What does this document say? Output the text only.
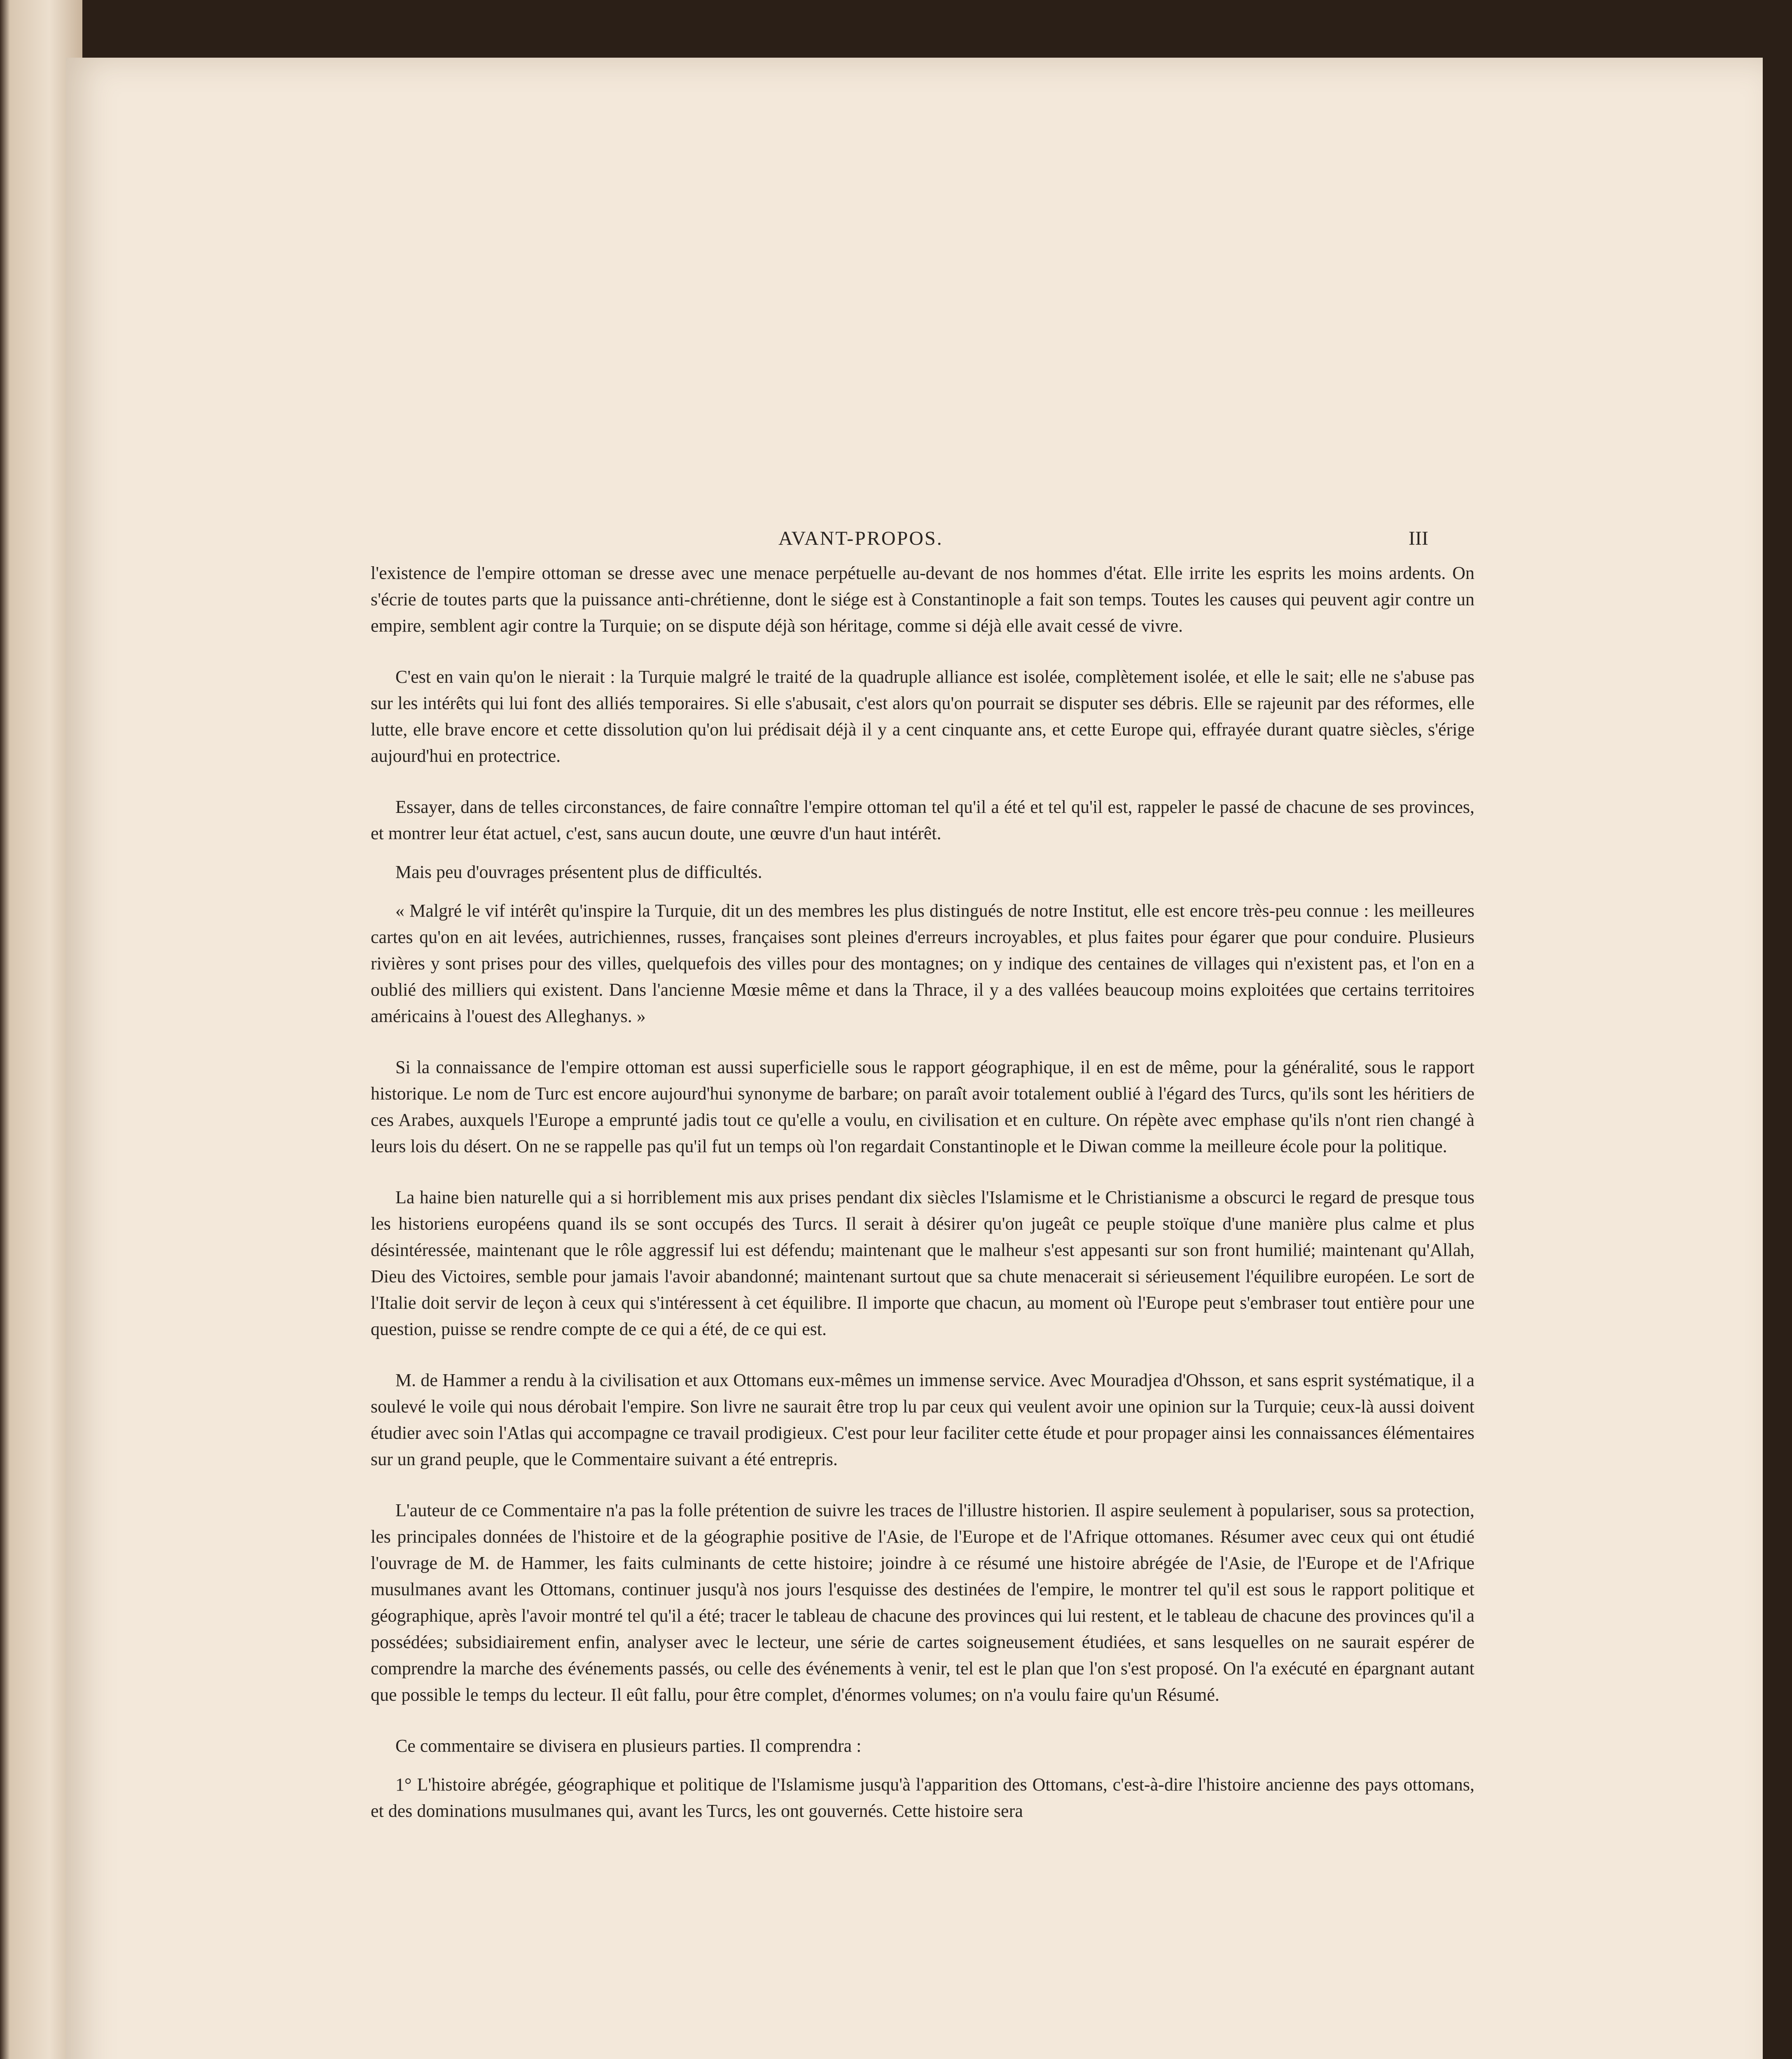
AVANT-PROPOS.	III

l'existence de l'empire ottoman se dresse avec une menace perpétuelle au-devant de nos hommes d'état. Elle irrite les esprits les moins ardents. On s'écrie de toutes parts que la puissance anti-chrétienne, dont le siége est à Constantinople a fait son temps. Toutes les causes qui peuvent agir contre un empire, semblent agir contre la Turquie; on se dispute déjà son héritage, comme si déjà elle avait cessé de vivre.

C'est en vain qu'on le nierait : la Turquie malgré le traité de la quadruple alliance est isolée, complètement isolée, et elle le sait; elle ne s'abuse pas sur les intérêts qui lui font des alliés temporaires. Si elle s'abusait, c'est alors qu'on pourrait se disputer ses débris. Elle se rajeunit par des réformes, elle lutte, elle brave encore et cette dissolution qu'on lui prédisait déjà il y a cent cinquante ans, et cette Europe qui, effrayée durant quatre siècles, s'érige aujourd'hui en protectrice.

Essayer, dans de telles circonstances, de faire connaître l'empire ottoman tel qu'il a été et tel qu'il est, rappeler le passé de chacune de ses provinces, et montrer leur état actuel, c'est, sans aucun doute, une œuvre d'un haut intérêt.

Mais peu d'ouvrages présentent plus de difficultés.

« Malgré le vif intérêt qu'inspire la Turquie, dit un des membres les plus distingués de notre Institut, elle est encore très-peu connue : les meilleures cartes qu'on en ait levées, autrichiennes, russes, françaises sont pleines d'erreurs incroyables, et plus faites pour égarer que pour conduire. Plusieurs rivières y sont prises pour des villes, quelquefois des villes pour des montagnes; on y indique des centaines de villages qui n'existent pas, et l'on en a oublié des milliers qui existent. Dans l'ancienne Mœsie même et dans la Thrace, il y a des vallées beaucoup moins exploitées que certains territoires américains à l'ouest des Alleghanys. »

Si la connaissance de l'empire ottoman est aussi superficielle sous le rapport géographique, il en est de même, pour la généralité, sous le rapport historique. Le nom de Turc est encore aujourd'hui synonyme de barbare; on paraît avoir totalement oublié à l'égard des Turcs, qu'ils sont les héritiers de ces Arabes, auxquels l'Europe a emprunté jadis tout ce qu'elle a voulu, en civilisation et en culture. On répète avec emphase qu'ils n'ont rien changé à leurs lois du désert. On ne se rappelle pas qu'il fut un temps où l'on regardait Constantinople et le Diwan comme la meilleure école pour la politique.

La haine bien naturelle qui a si horriblement mis aux prises pendant dix siècles l'Islamisme et le Christianisme a obscurci le regard de presque tous les historiens européens quand ils se sont occupés des Turcs. Il serait à désirer qu'on jugeât ce peuple stoïque d'une manière plus calme et plus désintéressée, maintenant que le rôle aggressif lui est défendu; maintenant que le malheur s'est appesanti sur son front humilié; maintenant qu'Allah, Dieu des Victoires, semble pour jamais l'avoir abandonné; maintenant surtout que sa chute menacerait si sérieusement l'équilibre européen. Le sort de l'Italie doit servir de leçon à ceux qui s'intéressent à cet équilibre. Il importe que chacun, au moment où l'Europe peut s'embraser tout entière pour une question, puisse se rendre compte de ce qui a été, de ce qui est.

M. de Hammer a rendu à la civilisation et aux Ottomans eux-mêmes un immense service. Avec Mouradjea d'Ohsson, et sans esprit systématique, il a soulevé le voile qui nous dérobait l'empire. Son livre ne saurait être trop lu par ceux qui veulent avoir une opinion sur la Turquie; ceux-là aussi doivent étudier avec soin l'Atlas qui accompagne ce travail prodigieux. C'est pour leur faciliter cette étude et pour propager ainsi les connaissances élémentaires sur un grand peuple, que le Commentaire suivant a été entrepris.

L'auteur de ce Commentaire n'a pas la folle prétention de suivre les traces de l'illustre historien. Il aspire seulement à populariser, sous sa protection, les principales données de l'histoire et de la géographie positive de l'Asie, de l'Europe et de l'Afrique ottomanes. Résumer avec ceux qui ont étudié l'ouvrage de M. de Hammer, les faits culminants de cette histoire; joindre à ce résumé une histoire abrégée de l'Asie, de l'Europe et de l'Afrique musulmanes avant les Ottomans, continuer jusqu'à nos jours l'esquisse des destinées de l'empire, le montrer tel qu'il est sous le rapport politique et géographique, après l'avoir montré tel qu'il a été; tracer le tableau de chacune des provinces qui lui restent, et le tableau de chacune des provinces qu'il a possédées; subsidiairement enfin, analyser avec le lecteur, une série de cartes soigneusement étudiées, et sans lesquelles on ne saurait espérer de comprendre la marche des événements passés, ou celle des événements à venir, tel est le plan que l'on s'est proposé. On l'a exécuté en épargnant autant que possible le temps du lecteur. Il eût fallu, pour être complet, d'énormes volumes; on n'a voulu faire qu'un Résumé.

Ce commentaire se divisera en plusieurs parties. Il comprendra :

1° L'histoire abrégée, géographique et politique de l'Islamisme jusqu'à l'apparition des Ottomans, c'est-à-dire l'histoire ancienne des pays ottomans, et des dominations musulmanes qui, avant les Turcs, les ont gouvernés. Cette histoire sera
